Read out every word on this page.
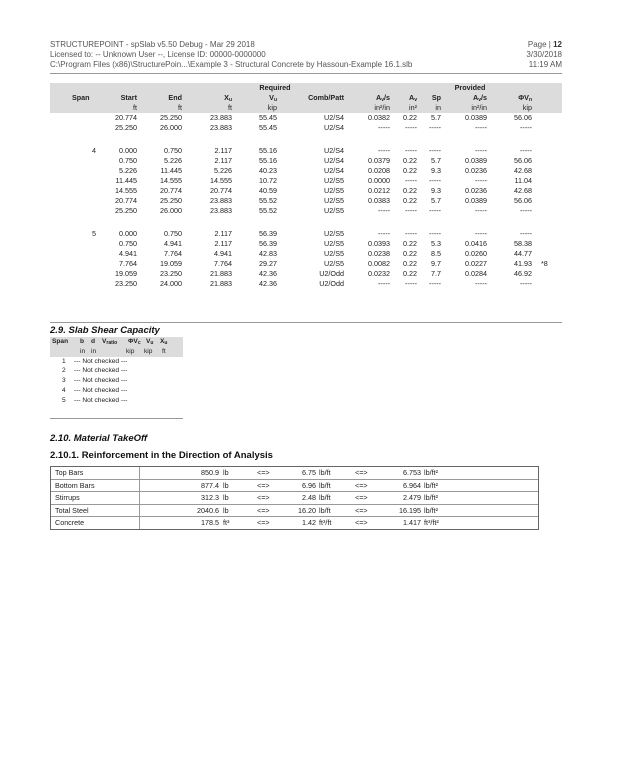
STRUCTUREPOINT - spSlab v5.50 Debug - Mar 29 2018
Licensed to: -- Unknown User --, License ID: 00000-0000000
C:\Program Files (x86)\StructurePoin...\Example 3 - Structural Concrete by Hassoun-Example 16.1.slb
Page | 12
3/30/2018
11:19 AM
Required	Provided
Span	Start	End	$X_u$	$V_u$	Comb/Patt	$A_v/s$	$A_v$ Sp	$A_v/s$	$\Phi V_n$
ft	ft	ft	kip	in²/in	in²	in	in²/in	kip
20.774	25.250	23.883	55.45	U2/S4	0.0382 0.22 5.7	0.0389	56.06
25.250	26.000	23.883	55.45	U2/S4	----- ----- -----	-----	-----
4	0.000	0.750	2.117	55.16	U2/S4	----- ----- -----	-----	-----
0.750	5.226	2.117	55.16	U2/S4	0.0379 0.22 5.7	0.0389	56.06
5.226	11.445	5.226	40.23	U2/S4	0.0208 0.22 9.3	0.0236	42.68
11.445	14.555	14.555	10.72	U2/S5	0.0000 ----- -----	-----	11.04
14.555	20.774	20.774	40.59	U2/S5	0.0212 0.22 9.3	0.0236	42.68
20.774	25.250	23.883	55.52	U2/S5	0.0383 0.22 5.7	0.0389	56.06
25.250	26.000	23.883	55.52	U2/S5	----- ----- -----	-----	-----
5	0.000	0.750	2.117	56.39	U2/S5	----- ----- -----	-----	-----
0.750	4.941	2.117	56.39	U2/S5	0.0393 0.22 5.3	0.0416	58.38
4.941	7.764	4.941	42.83	U2/S5	0.0238 0.22 8.5	0.0260	44.77
7.764	19.059	7.764	29.27	U2/S5	0.0082 0.22 9.7	0.0227	41.93 *8
19.059	23.250	21.883	42.36	U2/Odd	0.0232 0.22 7.7	0.0284	46.92
23.250	24.000	21.883	42.36	U2/Odd	----- ----- -----	-----	-----
2.9. Slab Shear Capacity
Span b d $V_{ratio}$ $\Phi V_c$ $V_u$ $X_u$
in in	kip kip ft
1 --- Not checked ---
2 --- Not checked ---
3 --- Not checked ---
4 --- Not checked ---
5 --- Not checked ---
2.10. Material TakeOff
2.10.1. Reinforcement in the Direction of Analysis
Top Bars	850.9 lb	<=>	6.75 lb/ft	<=>	6.753 lb/ft²
Bottom Bars	877.4 lb	<=>	6.96 lb/ft	<=>	6.964 lb/ft²
Stirrups	312.3 lb	<=>	2.48 lb/ft	<=>	2.479 lb/ft²
Total Steel	2040.6 lb	<=>	16.20 lb/ft	<=>	16.195 lb/ft²
Concrete	178.5 ft³	<=>	1.42 ft³/ft	<=>	1.417 ft³/ft²
